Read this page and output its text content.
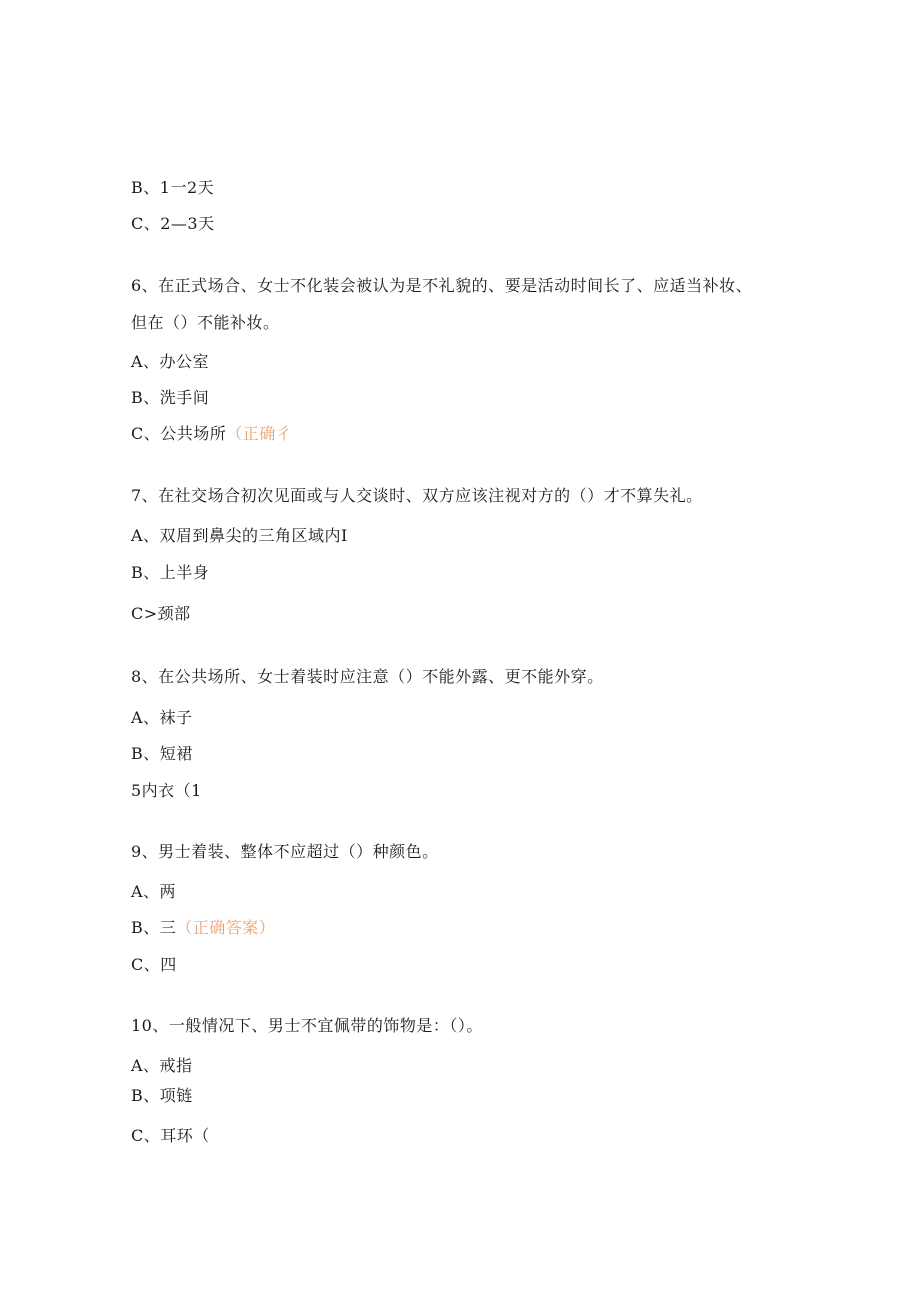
B、1一2天
C、2—3天
6、在正式场合、女士不化装会被认为是不礼貌的、要是活动时间长了、应适当补妆、
但在（）不能补妆。
A、办公室
B、洗手间
C、公共场所（正确彳
7、在社交场合初次见面或与人交谈时、双方应该注视对方的（）才不算失礼。
A、双眉到鼻尖的三角区域内I
B、上半身
C>颈部
8、在公共场所、女士着装时应注意（）不能外露、更不能外穿。
A、袜子
B、短裙
5内衣（1
9、男士着装、整体不应超过（）种颜色。
A、两
B、三（正确答案）
C、四
10、一般情况下、男士不宜佩带的饰物是：（）。
A、戒指
B、项链
C、耳环（
